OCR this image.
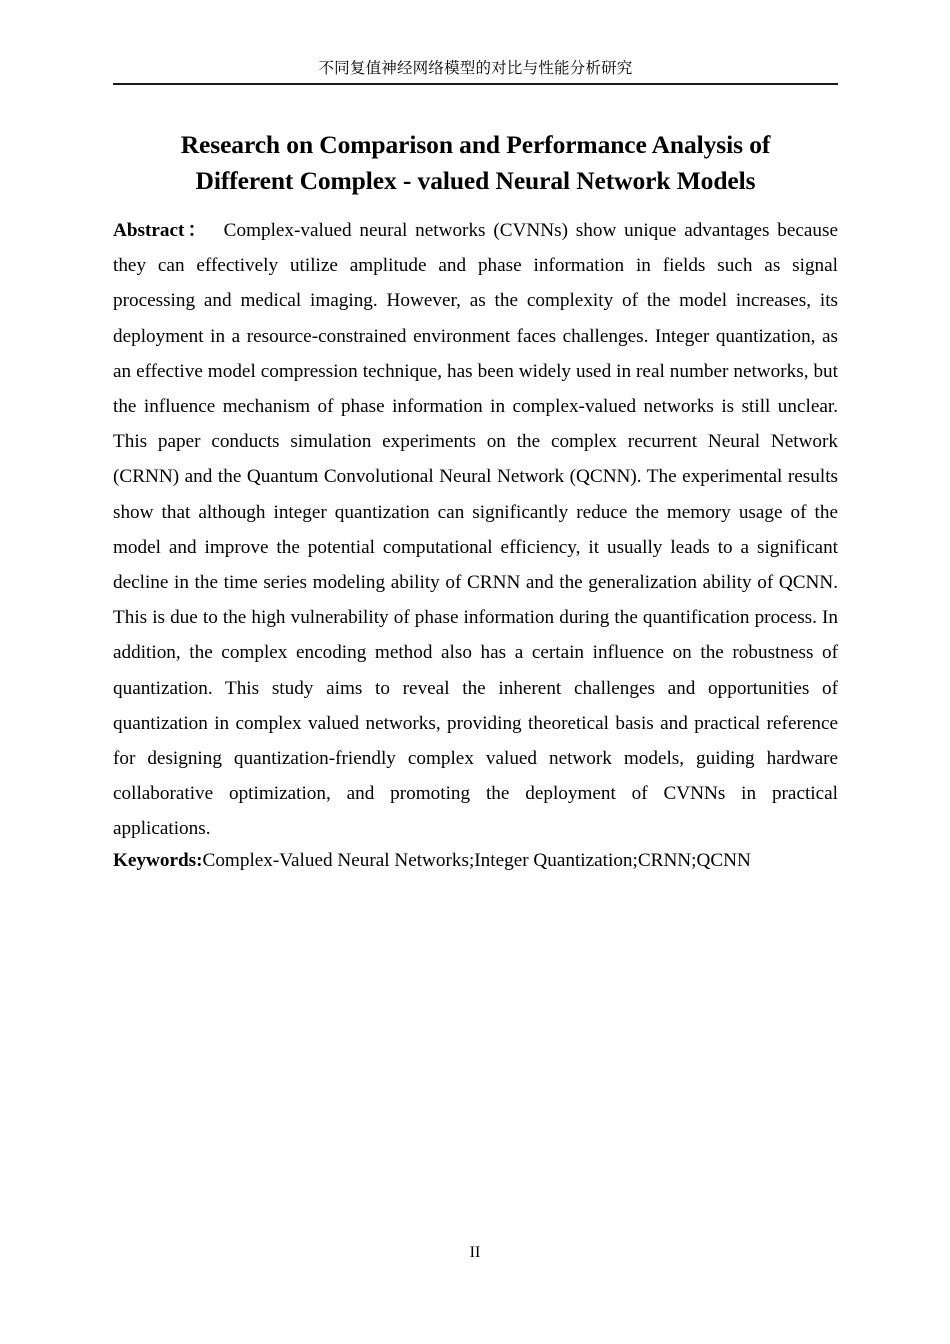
不同复值神经网络模型的对比与性能分析研究
Research on Comparison and Performance Analysis of
Different Complex - valued Neural Network Models

Abstract： Complex-valued neural networks (CVNNs) show unique advantages because they can effectively utilize amplitude and phase information in fields such as signal processing and medical imaging. However, as the complexity of the model increases, its deployment in a resource-constrained environment faces challenges. Integer quantization, as an effective model compression technique, has been widely used in real number networks, but the influence mechanism of phase information in complex-valued networks is still unclear. This paper conducts simulation experiments on the complex recurrent Neural Network (CRNN) and the Quantum Convolutional Neural Network (QCNN). The experimental results show that although integer quantization can significantly reduce the memory usage of the model and improve the potential computational efficiency, it usually leads to a significant decline in the time series modeling ability of CRNN and the generalization ability of QCNN. This is due to the high vulnerability of phase information during the quantification process. In addition, the complex encoding method also has a certain influence on the robustness of quantization. This study aims to reveal the inherent challenges and opportunities of quantization in complex valued networks, providing theoretical basis and practical reference for designing quantization-friendly complex valued network models, guiding hardware collaborative optimization, and promoting the deployment of CVNNs in practical applications.

Keywords:Complex-Valued Neural Networks;Integer Quantization;CRNN;QCNN

II
